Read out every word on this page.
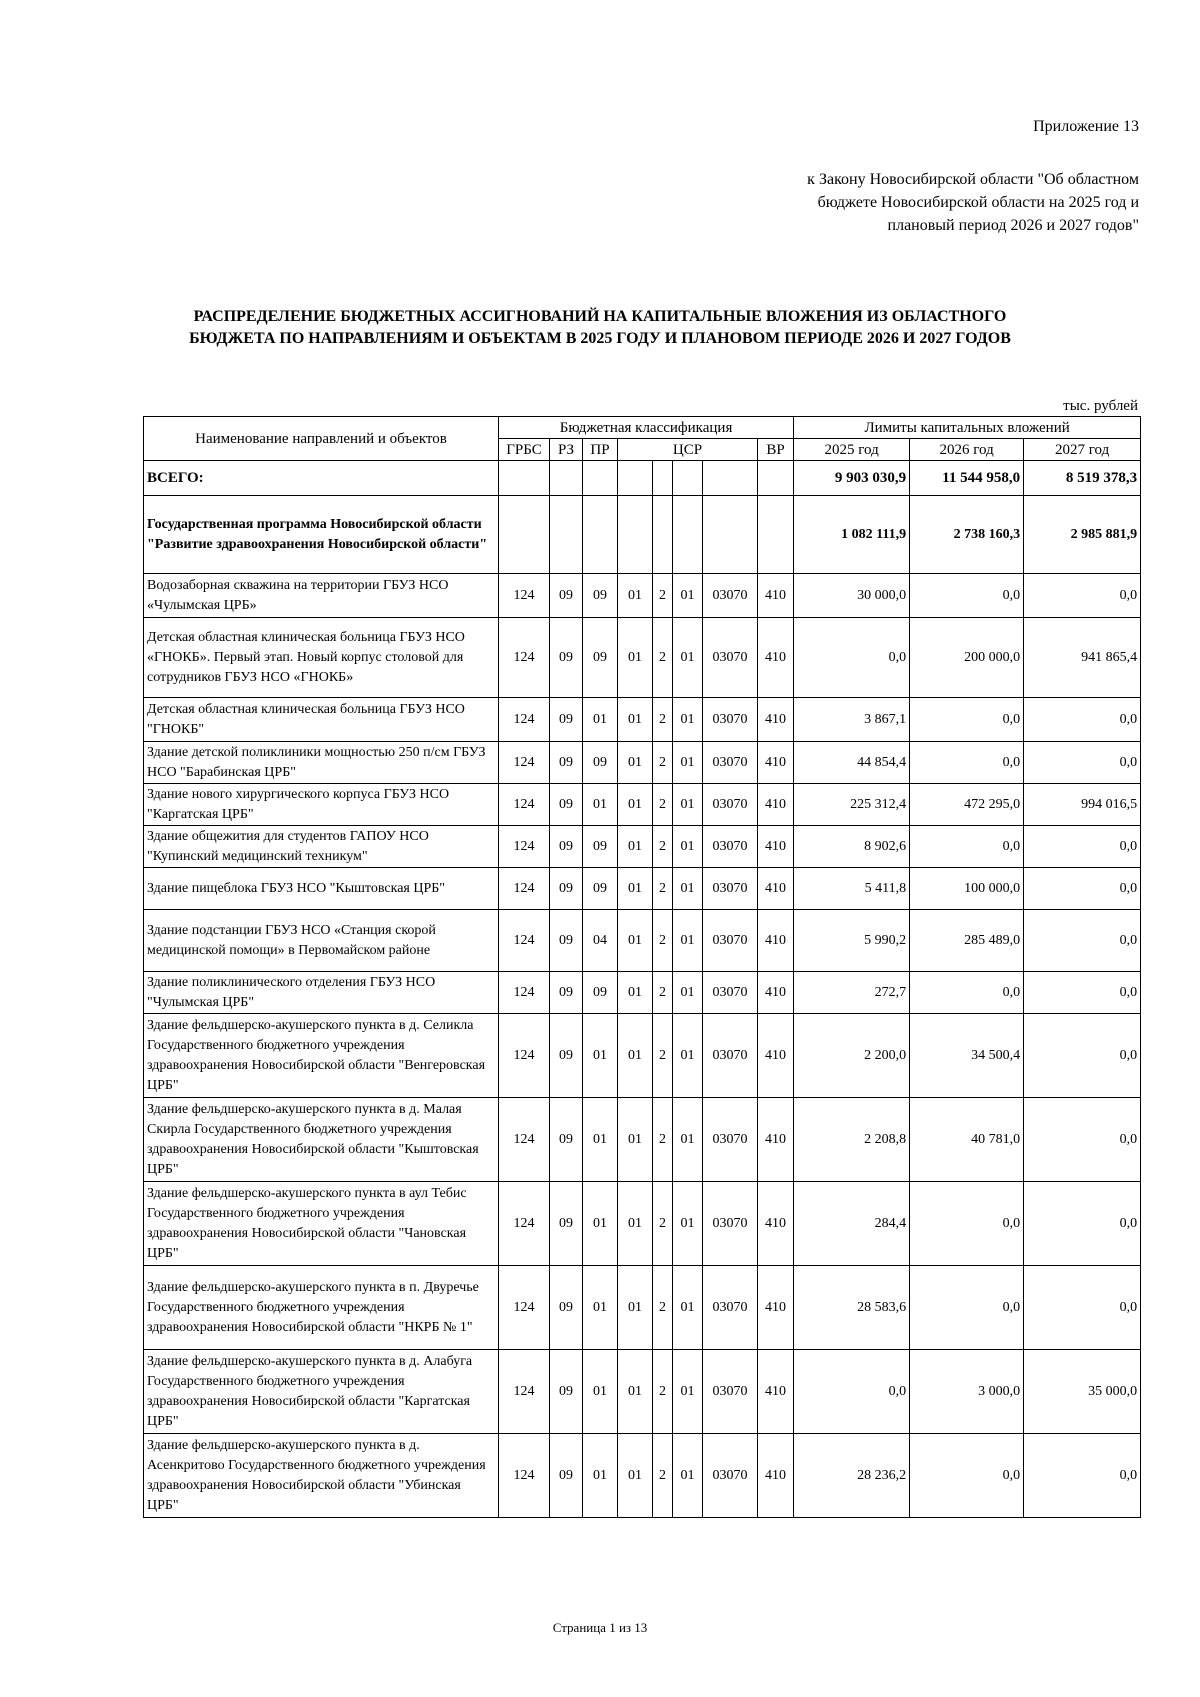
Приложение 13
к Закону Новосибирской области "Об областном
бюджете Новосибирской области на 2025 год и
плановый период 2026 и 2027 годов"
РАСПРЕДЕЛЕНИЕ БЮДЖЕТНЫХ АССИГНОВАНИЙ НА КАПИТАЛЬНЫЕ ВЛОЖЕНИЯ ИЗ ОБЛАСТНОГО
БЮДЖЕТА ПО НАПРАВЛЕНИЯМ И ОБЪЕКТАМ В 2025 ГОДУ И ПЛАНОВОМ ПЕРИОДЕ 2026 И 2027 ГОДОВ
тыс. рублей
Наименование направлений и объектов	Бюджетная классификация								Лимиты капитальных вложений		
	ГРБС	РЗ	ПР	ЦСР				ВР	2025 год	2026 год	2027 год
ВСЕГО:									9 903 030,9	11 544 958,0	8 519 378,3
Государственная программа Новосибирской области "Развитие здравоохранения Новосибирской области"									1 082 111,9	2 738 160,3	2 985 881,9
Водозаборная скважина на территории ГБУЗ НСО «Чулымская ЦРБ»	124	09	09	01	2	01	03070	410	30 000,0	0,0	0,0
Детская областная клиническая больница ГБУЗ НСО «ГНОКБ». Первый этап. Новый корпус столовой для сотрудников ГБУЗ НСО «ГНОКБ»	124	09	09	01	2	01	03070	410	0,0	200 000,0	941 865,4
Детская областная клиническая больница ГБУЗ НСО "ГНОКБ"	124	09	01	01	2	01	03070	410	3 867,1	0,0	0,0
Здание детской поликлиники мощностью 250 п/см ГБУЗ НСО "Барабинская ЦРБ"	124	09	09	01	2	01	03070	410	44 854,4	0,0	0,0
Здание нового хирургического корпуса ГБУЗ НСО "Каргатская ЦРБ"	124	09	01	01	2	01	03070	410	225 312,4	472 295,0	994 016,5
Здание общежития для студентов ГАПОУ НСО "Купинский медицинский техникум"	124	09	09	01	2	01	03070	410	8 902,6	0,0	0,0
Здание пищеблока ГБУЗ НСО "Кыштовская ЦРБ"	124	09	09	01	2	01	03070	410	5 411,8	100 000,0	0,0
Здание подстанции ГБУЗ НСО «Станция скорой медицинской помощи» в Первомайском районе	124	09	04	01	2	01	03070	410	5 990,2	285 489,0	0,0
Здание поликлинического отделения ГБУЗ НСО "Чулымская ЦРБ"	124	09	09	01	2	01	03070	410	272,7	0,0	0,0
Здание фельдшерско-акушерского пункта в д. Селикла Государственного бюджетного учреждения здравоохранения Новосибирской области "Венгеровская ЦРБ"	124	09	01	01	2	01	03070	410	2 200,0	34 500,4	0,0
Здание фельдшерско-акушерского пункта в д. Малая Скирла Государственного бюджетного учреждения здравоохранения Новосибирской области "Кыштовская ЦРБ"	124	09	01	01	2	01	03070	410	2 208,8	40 781,0	0,0
Здание фельдшерско-акушерского пункта в аул Тебис Государственного бюджетного учреждения здравоохранения Новосибирской области "Чановская ЦРБ"	124	09	01	01	2	01	03070	410	284,4	0,0	0,0
Здание фельдшерско-акушерского пункта в п. Двуречье Государственного бюджетного учреждения здравоохранения Новосибирской области "НКРБ № 1"	124	09	01	01	2	01	03070	410	28 583,6	0,0	0,0
Здание фельдшерско-акушерского пункта в д. Алабуга Государственного бюджетного учреждения здравоохранения Новосибирской области "Каргатская ЦРБ"	124	09	01	01	2	01	03070	410	0,0	3 000,0	35 000,0
Здание фельдшерско-акушерского пункта в д. Асенкритово Государственного бюджетного учреждения здравоохранения Новосибирской области "Убинская ЦРБ"	124	09	01	01	2	01	03070	410	28 236,2	0,0	0,0
Страница 1 из 13
